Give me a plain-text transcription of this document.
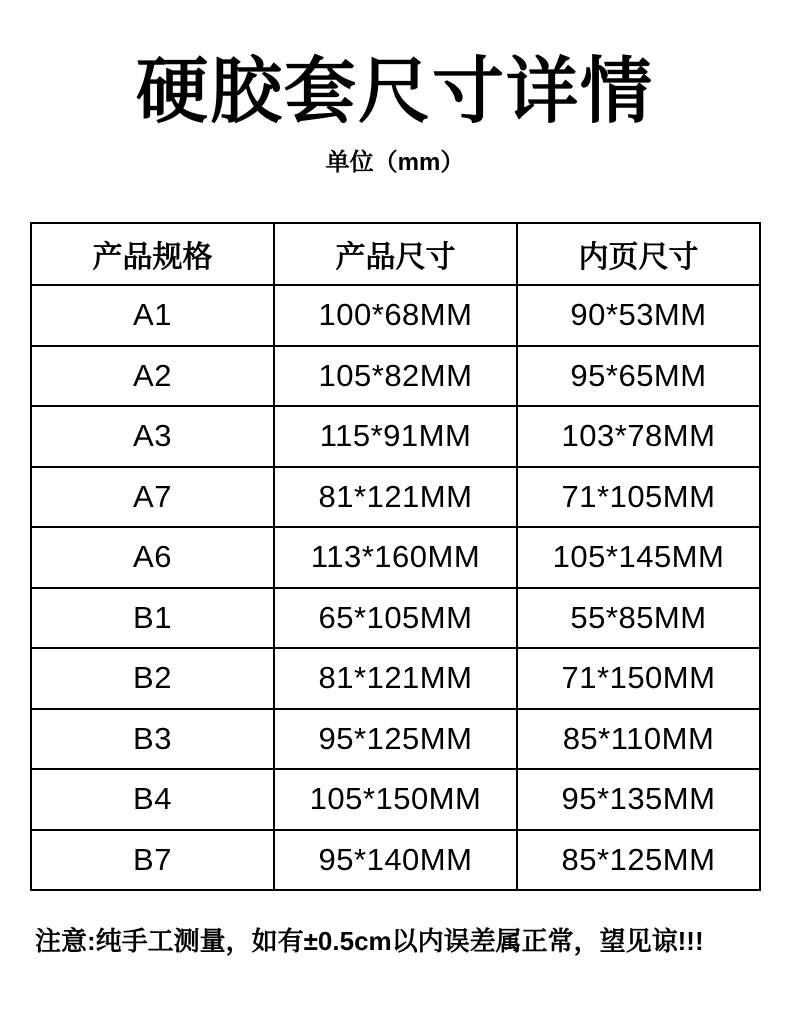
硬胶套尺寸详情
单位（mm）
产品规格	产品尺寸	内页尺寸
A1	100*68MM	90*53MM
A2	105*82MM	95*65MM
A3	115*91MM	103*78MM
A7	81*121MM	71*105MM
A6	113*160MM	105*145MM
B1	65*105MM	55*85MM
B2	81*121MM	71*150MM
B3	95*125MM	85*110MM
B4	105*150MM	95*135MM
B7	95*140MM	85*125MM
注意:纯手工测量，如有±0.5cm以内误差属正常，望见谅!!!
